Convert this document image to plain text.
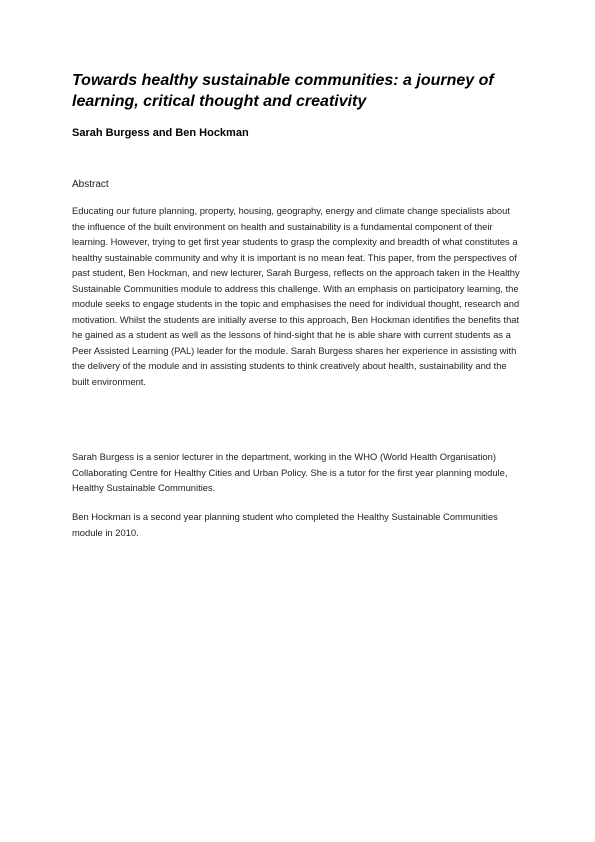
Towards healthy sustainable communities: a journey of learning, critical thought and creativity

Sarah Burgess and Ben Hockman

Abstract

Educating our future planning, property, housing, geography, energy and climate change specialists about the influence of the built environment on health and sustainability is a fundamental component of their learning. However, trying to get first year students to grasp the complexity and breadth of what constitutes a healthy sustainable community and why it is important is no mean feat. This paper, from the perspectives of past student, Ben Hockman, and new lecturer, Sarah Burgess, reflects on the approach taken in the Healthy Sustainable Communities module to address this challenge. With an emphasis on participatory learning, the module seeks to engage students in the topic and emphasises the need for individual thought, research and motivation. Whilst the students are initially averse to this approach, Ben Hockman identifies the benefits that he gained as a student as well as the lessons of hind-sight that he is able share with current students as a Peer Assisted Learning (PAL) leader for the module. Sarah Burgess shares her experience in assisting with the delivery of the module and in assisting students to think creatively about health, sustainability and the built environment.

Sarah Burgess is a senior lecturer in the department, working in the WHO (World Health Organisation) Collaborating Centre for Healthy Cities and Urban Policy. She is a tutor for the first year planning module, Healthy Sustainable Communities.

Ben Hockman is a second year planning student who completed the Healthy Sustainable Communities module in 2010.
